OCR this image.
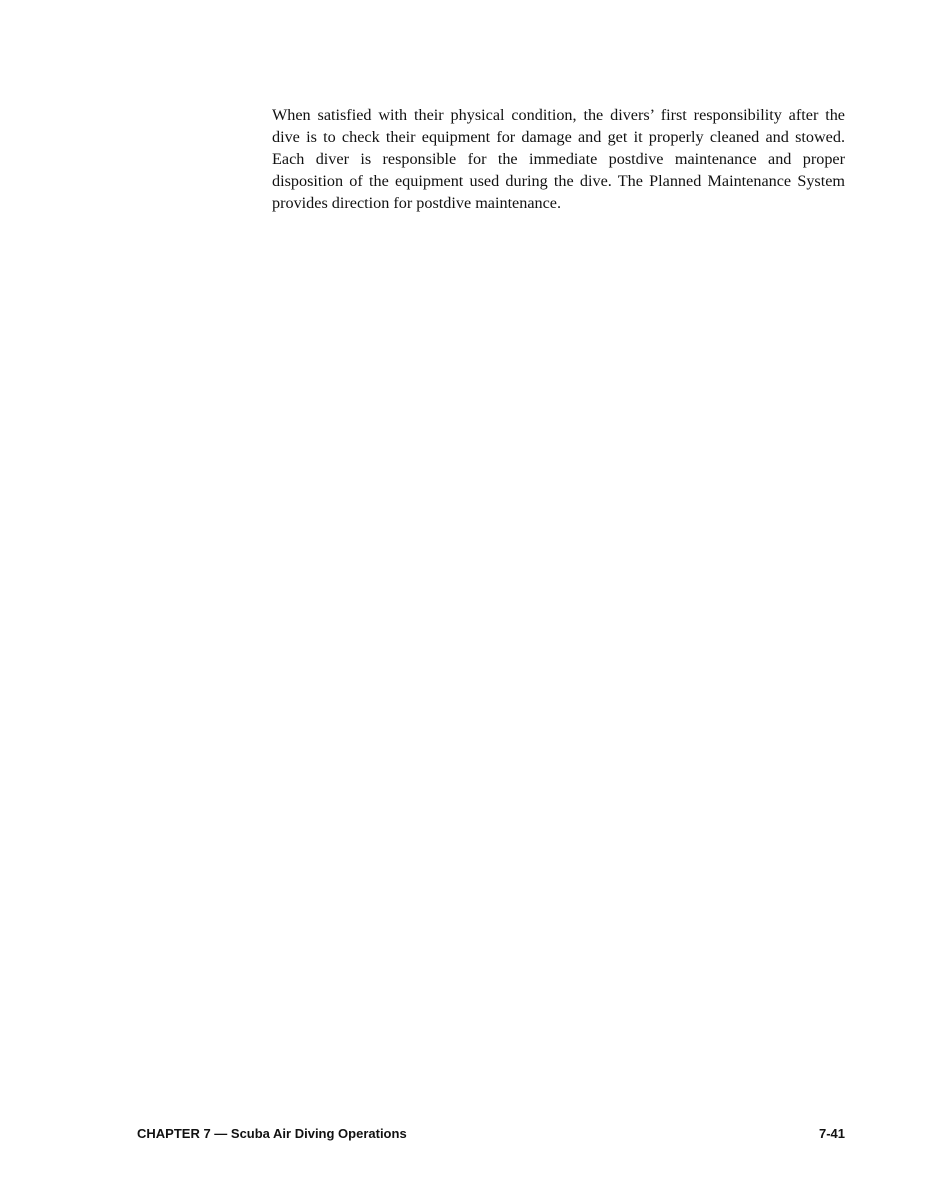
When satisfied with their physical condition, the divers’ first responsibility after the dive is to check their equipment for damage and get it properly cleaned and stowed. Each diver is responsible for the immediate postdive maintenance and proper disposition of the equipment used during the dive. The Planned Maintenance System provides direction for postdive maintenance.

CHAPTER 7 — Scuba Air Diving Operations	7-41
